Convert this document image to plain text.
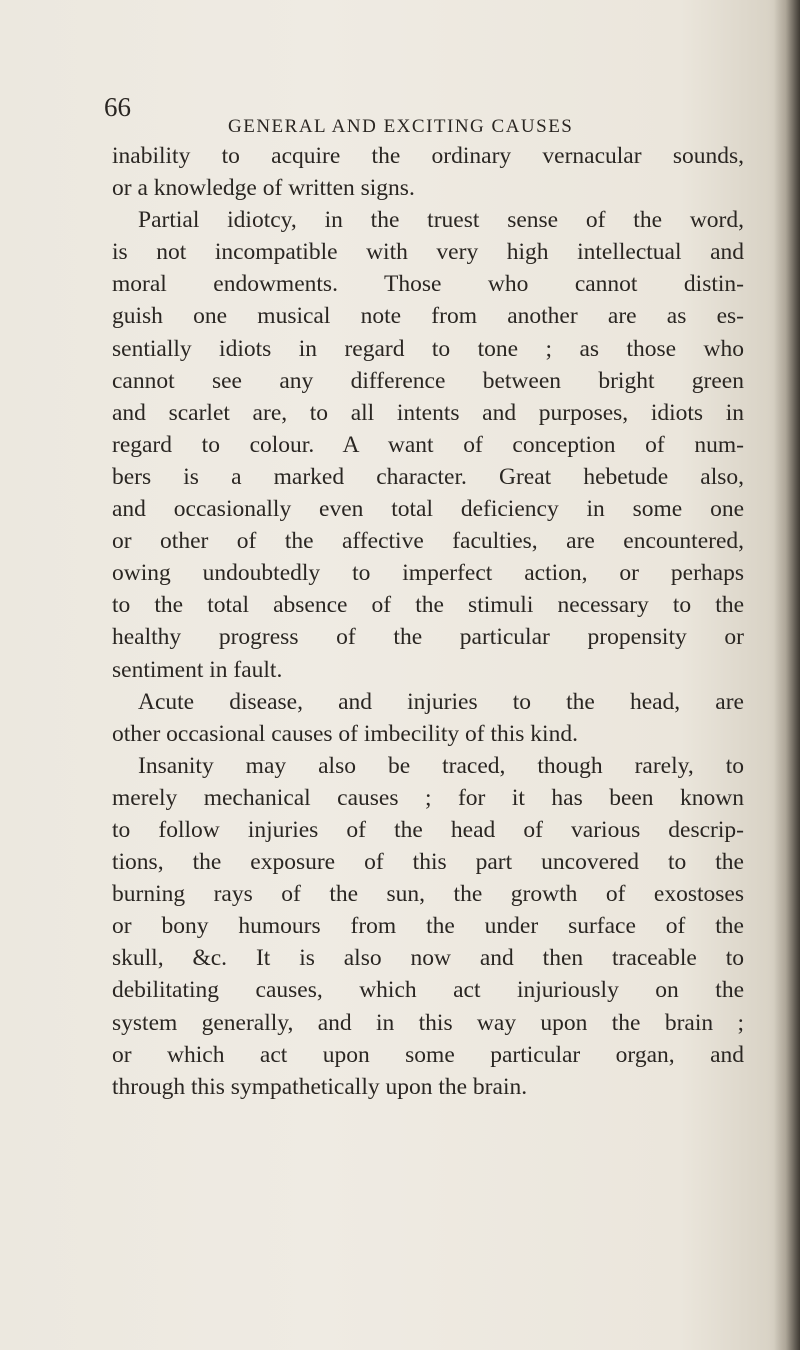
66
GENERAL AND EXCITING CAUSES
inability to acquire the ordinary vernacular sounds,
or a knowledge of written signs.
Partial idiotcy, in the truest sense of the word,
is not incompatible with very high intellectual and
moral endowments. Those who cannot distin-
guish one musical note from another are as es-
sentially idiots in regard to tone ; as those who
cannot see any difference between bright green
and scarlet are, to all intents and purposes, idiots in
regard to colour. A want of conception of num-
bers is a marked character. Great hebetude also,
and occasionally even total deficiency in some one
or other of the affective faculties, are encountered,
owing undoubtedly to imperfect action, or perhaps
to the total absence of the stimuli necessary to the
healthy progress of the particular propensity or
sentiment in fault.
Acute disease, and injuries to the head, are
other occasional causes of imbecility of this kind.
Insanity may also be traced, though rarely, to
merely mechanical causes ; for it has been known
to follow injuries of the head of various descrip-
tions, the exposure of this part uncovered to the
burning rays of the sun, the growth of exostoses
or bony humours from the under surface of the
skull, &c. It is also now and then traceable to
debilitating causes, which act injuriously on the
system generally, and in this way upon the brain ;
or which act upon some particular organ, and
through this sympathetically upon the brain.
